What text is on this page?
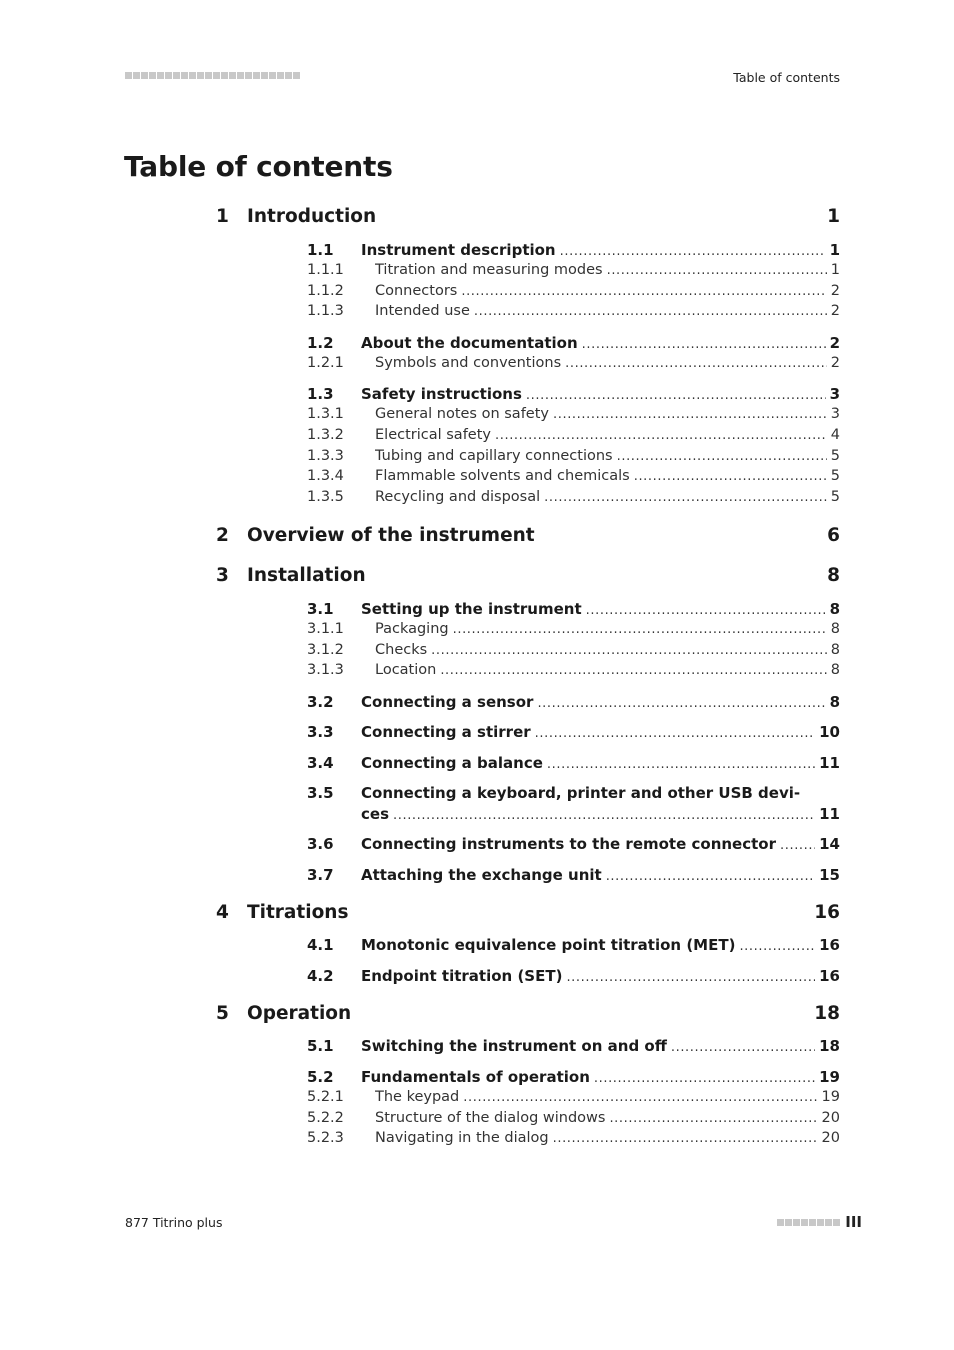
Table of contents
Table of contents
1 Introduction	1
1.1 Instrument description .....	1
1.1.1 Titration and measuring modes .....	1
1.1.2 Connectors .....	2
1.1.3 Intended use .....	2
1.2 About the documentation .....	2
1.2.1 Symbols and conventions .....	2
1.3 Safety instructions .....	3
1.3.1 General notes on safety .....	3
1.3.2 Electrical safety .....	4
1.3.3 Tubing and capillary connections .....	5
1.3.4 Flammable solvents and chemicals .....	5
1.3.5 Recycling and disposal .....	5
2 Overview of the instrument	6
3 Installation	8
3.1 Setting up the instrument .....	8
3.1.1 Packaging .....	8
3.1.2 Checks .....	8
3.1.3 Location .....	8
3.2 Connecting a sensor .....	8
3.3 Connecting a stirrer .....	10
3.4 Connecting a balance .....	11
3.5 Connecting a keyboard, printer and other USB devi-
ces .....	11
3.6 Connecting instruments to the remote connector .....	14
3.7 Attaching the exchange unit .....	15
4 Titrations	16
4.1 Monotonic equivalence point titration (MET) .....	16
4.2 Endpoint titration (SET) .....	16
5 Operation	18
5.1 Switching the instrument on and off .....	18
5.2 Fundamentals of operation .....	19
5.2.1 The keypad .....	19
5.2.2 Structure of the dialog windows .....	20
5.2.3 Navigating in the dialog .....	20
877 Titrino plus	III
